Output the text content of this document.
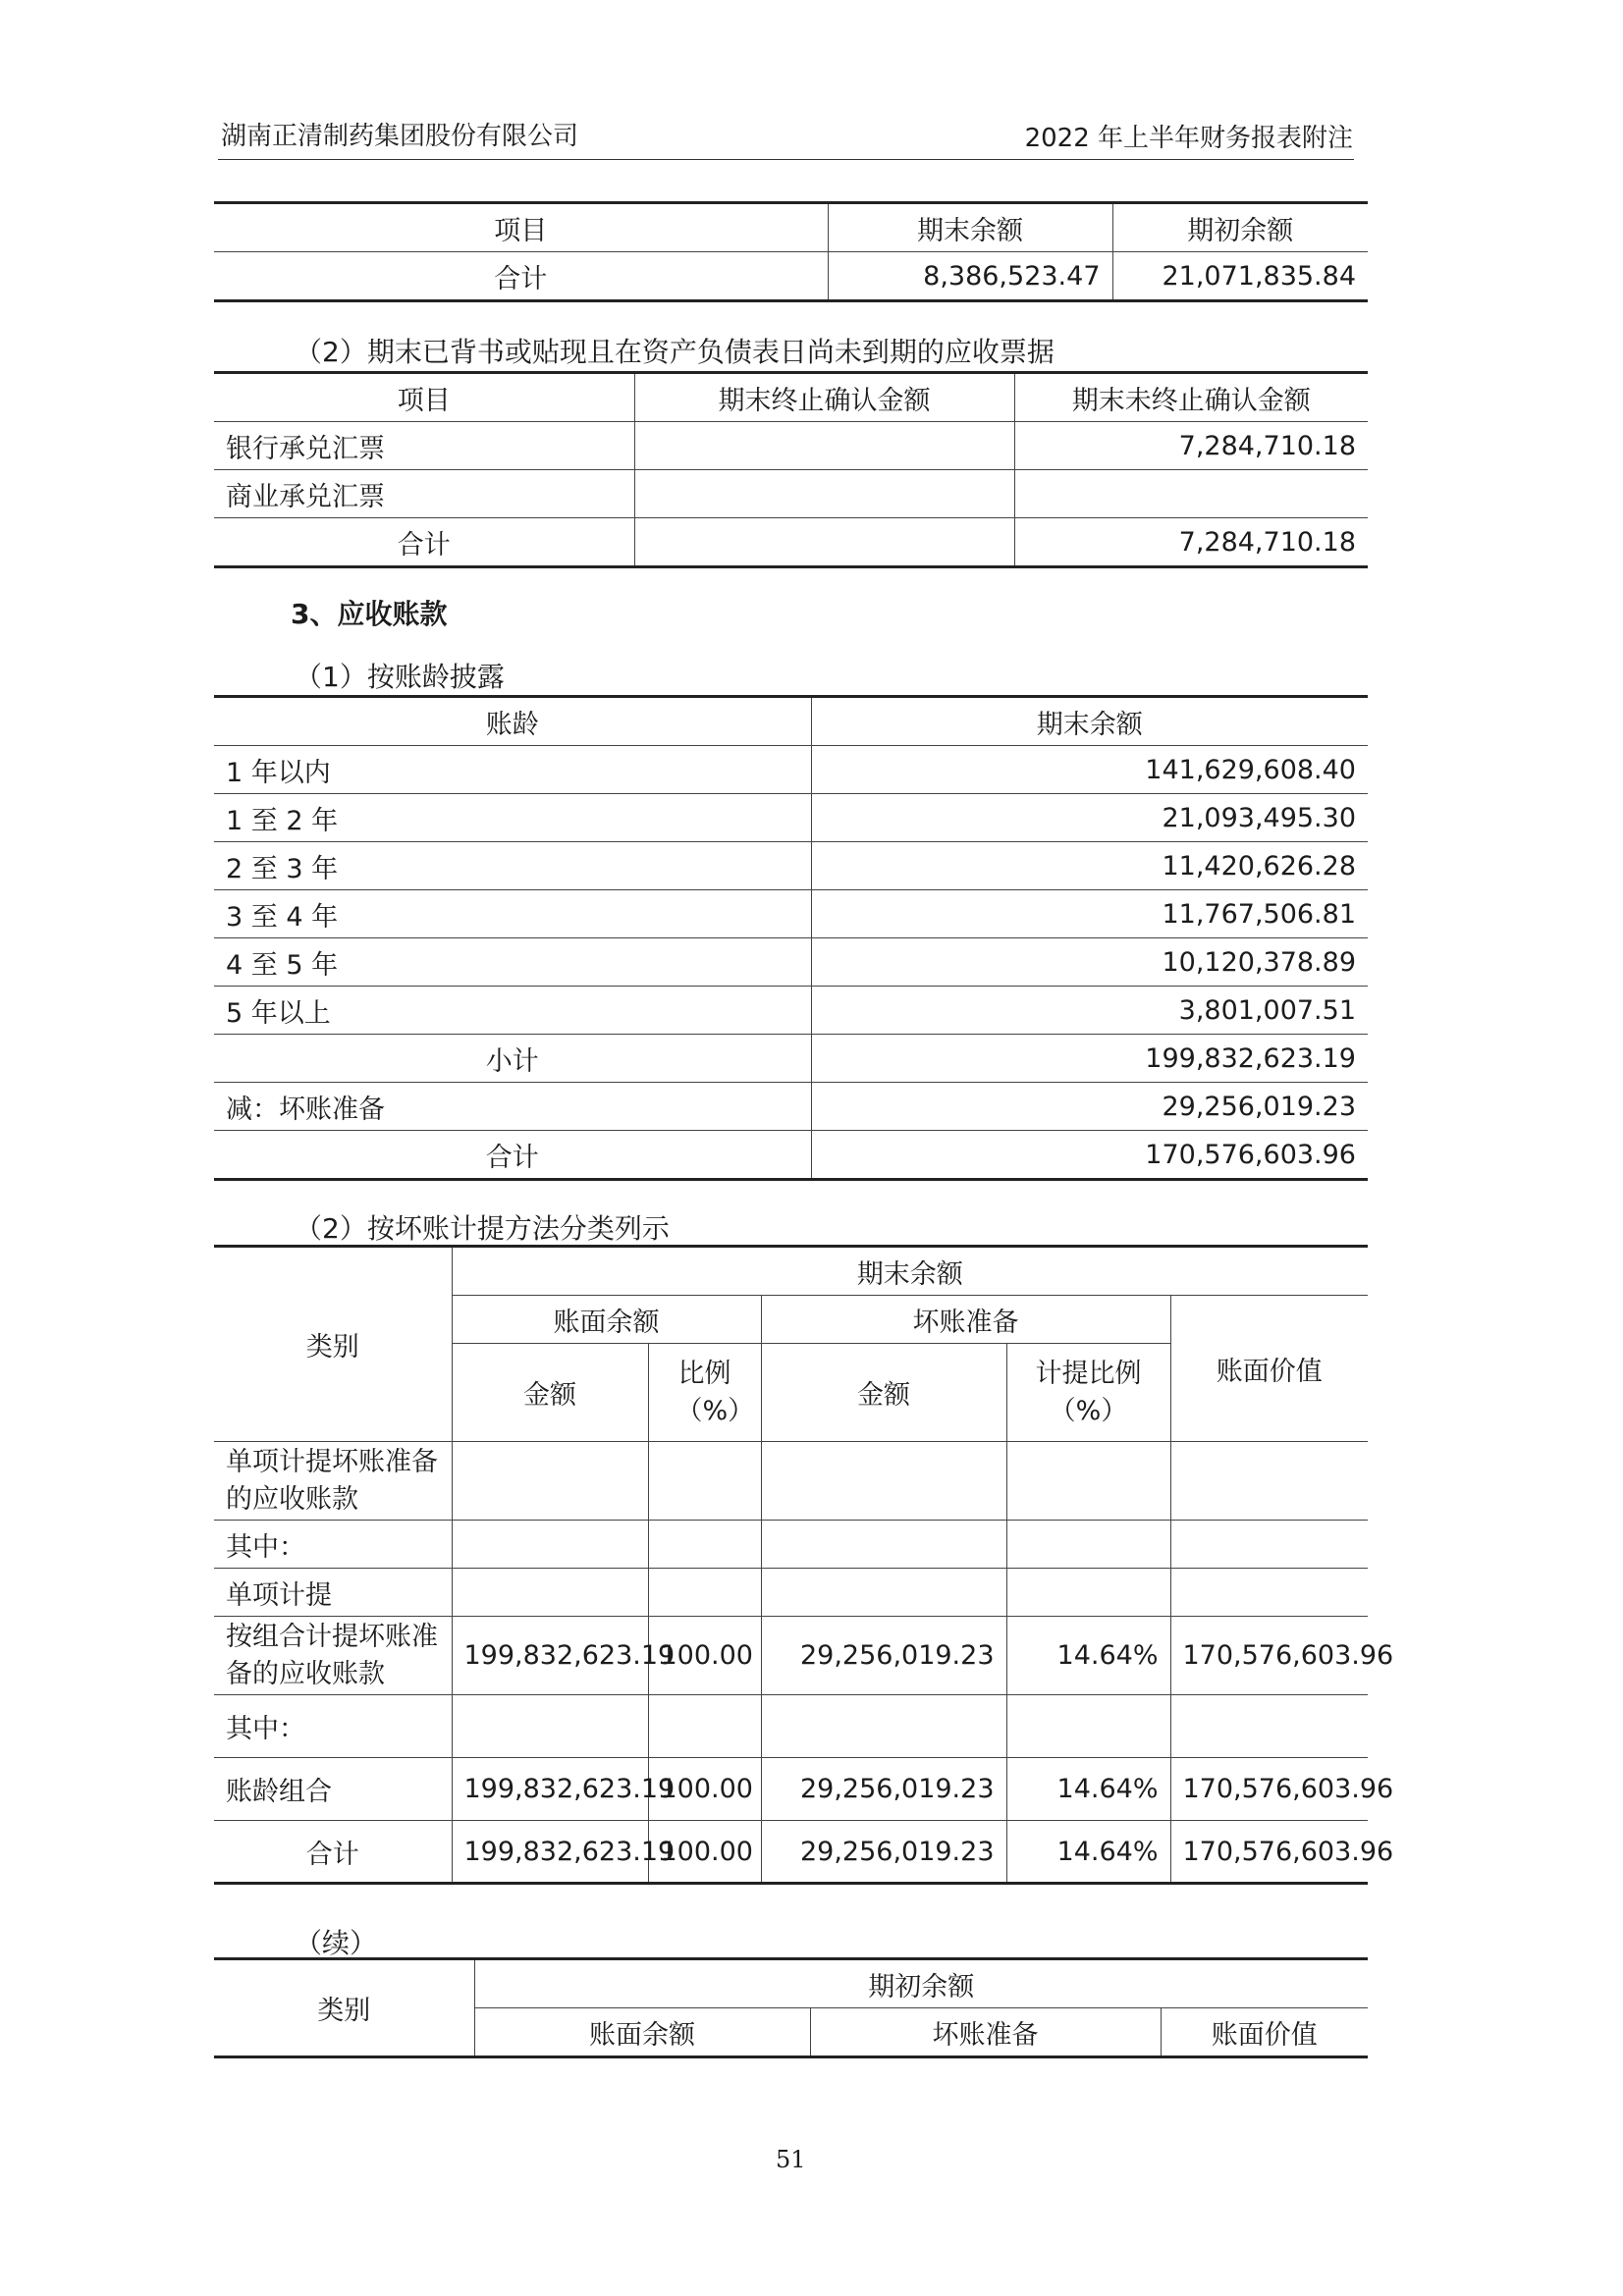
湖南正清制药集团股份有限公司	2022 年上半年财务报表附注
项目	期末余额	期初余额
合计	8,386,523.47	21,071,835.84
（2）期末已背书或贴现且在资产负债表日尚未到期的应收票据
项目	期末终止确认金额	期末未终止确认金额
银行承兑汇票		7,284,710.18
商业承兑汇票		
合计		7,284,710.18
3、应收账款
（1）按账龄披露
账龄	期末余额
1 年以内	141,629,608.40
1 至 2 年	21,093,495.30
2 至 3 年	11,420,626.28
3 至 4 年	11,767,506.81
4 至 5 年	10,120,378.89
5 年以上	3,801,007.51
小计	199,832,623.19
减：坏账准备	29,256,019.23
合计	170,576,603.96
（2）按坏账计提方法分类列示
类别	期末余额				
	账面余额		坏账准备		账面价值
	金额	比例（%）	金额	计提比例（%）	
单项计提坏账准备的应收账款					
其中：					
单项计提					
按组合计提坏账准备的应收账款	199,832,623.19	100.00	29,256,019.23	14.64%	170,576,603.96
其中：					
账龄组合	199,832,623.19	100.00	29,256,019.23	14.64%	170,576,603.96
合计	199,832,623.19	100.00	29,256,019.23	14.64%	170,576,603.96
（续）
类别	期初余额		
	账面余额	坏账准备	账面价值
51
